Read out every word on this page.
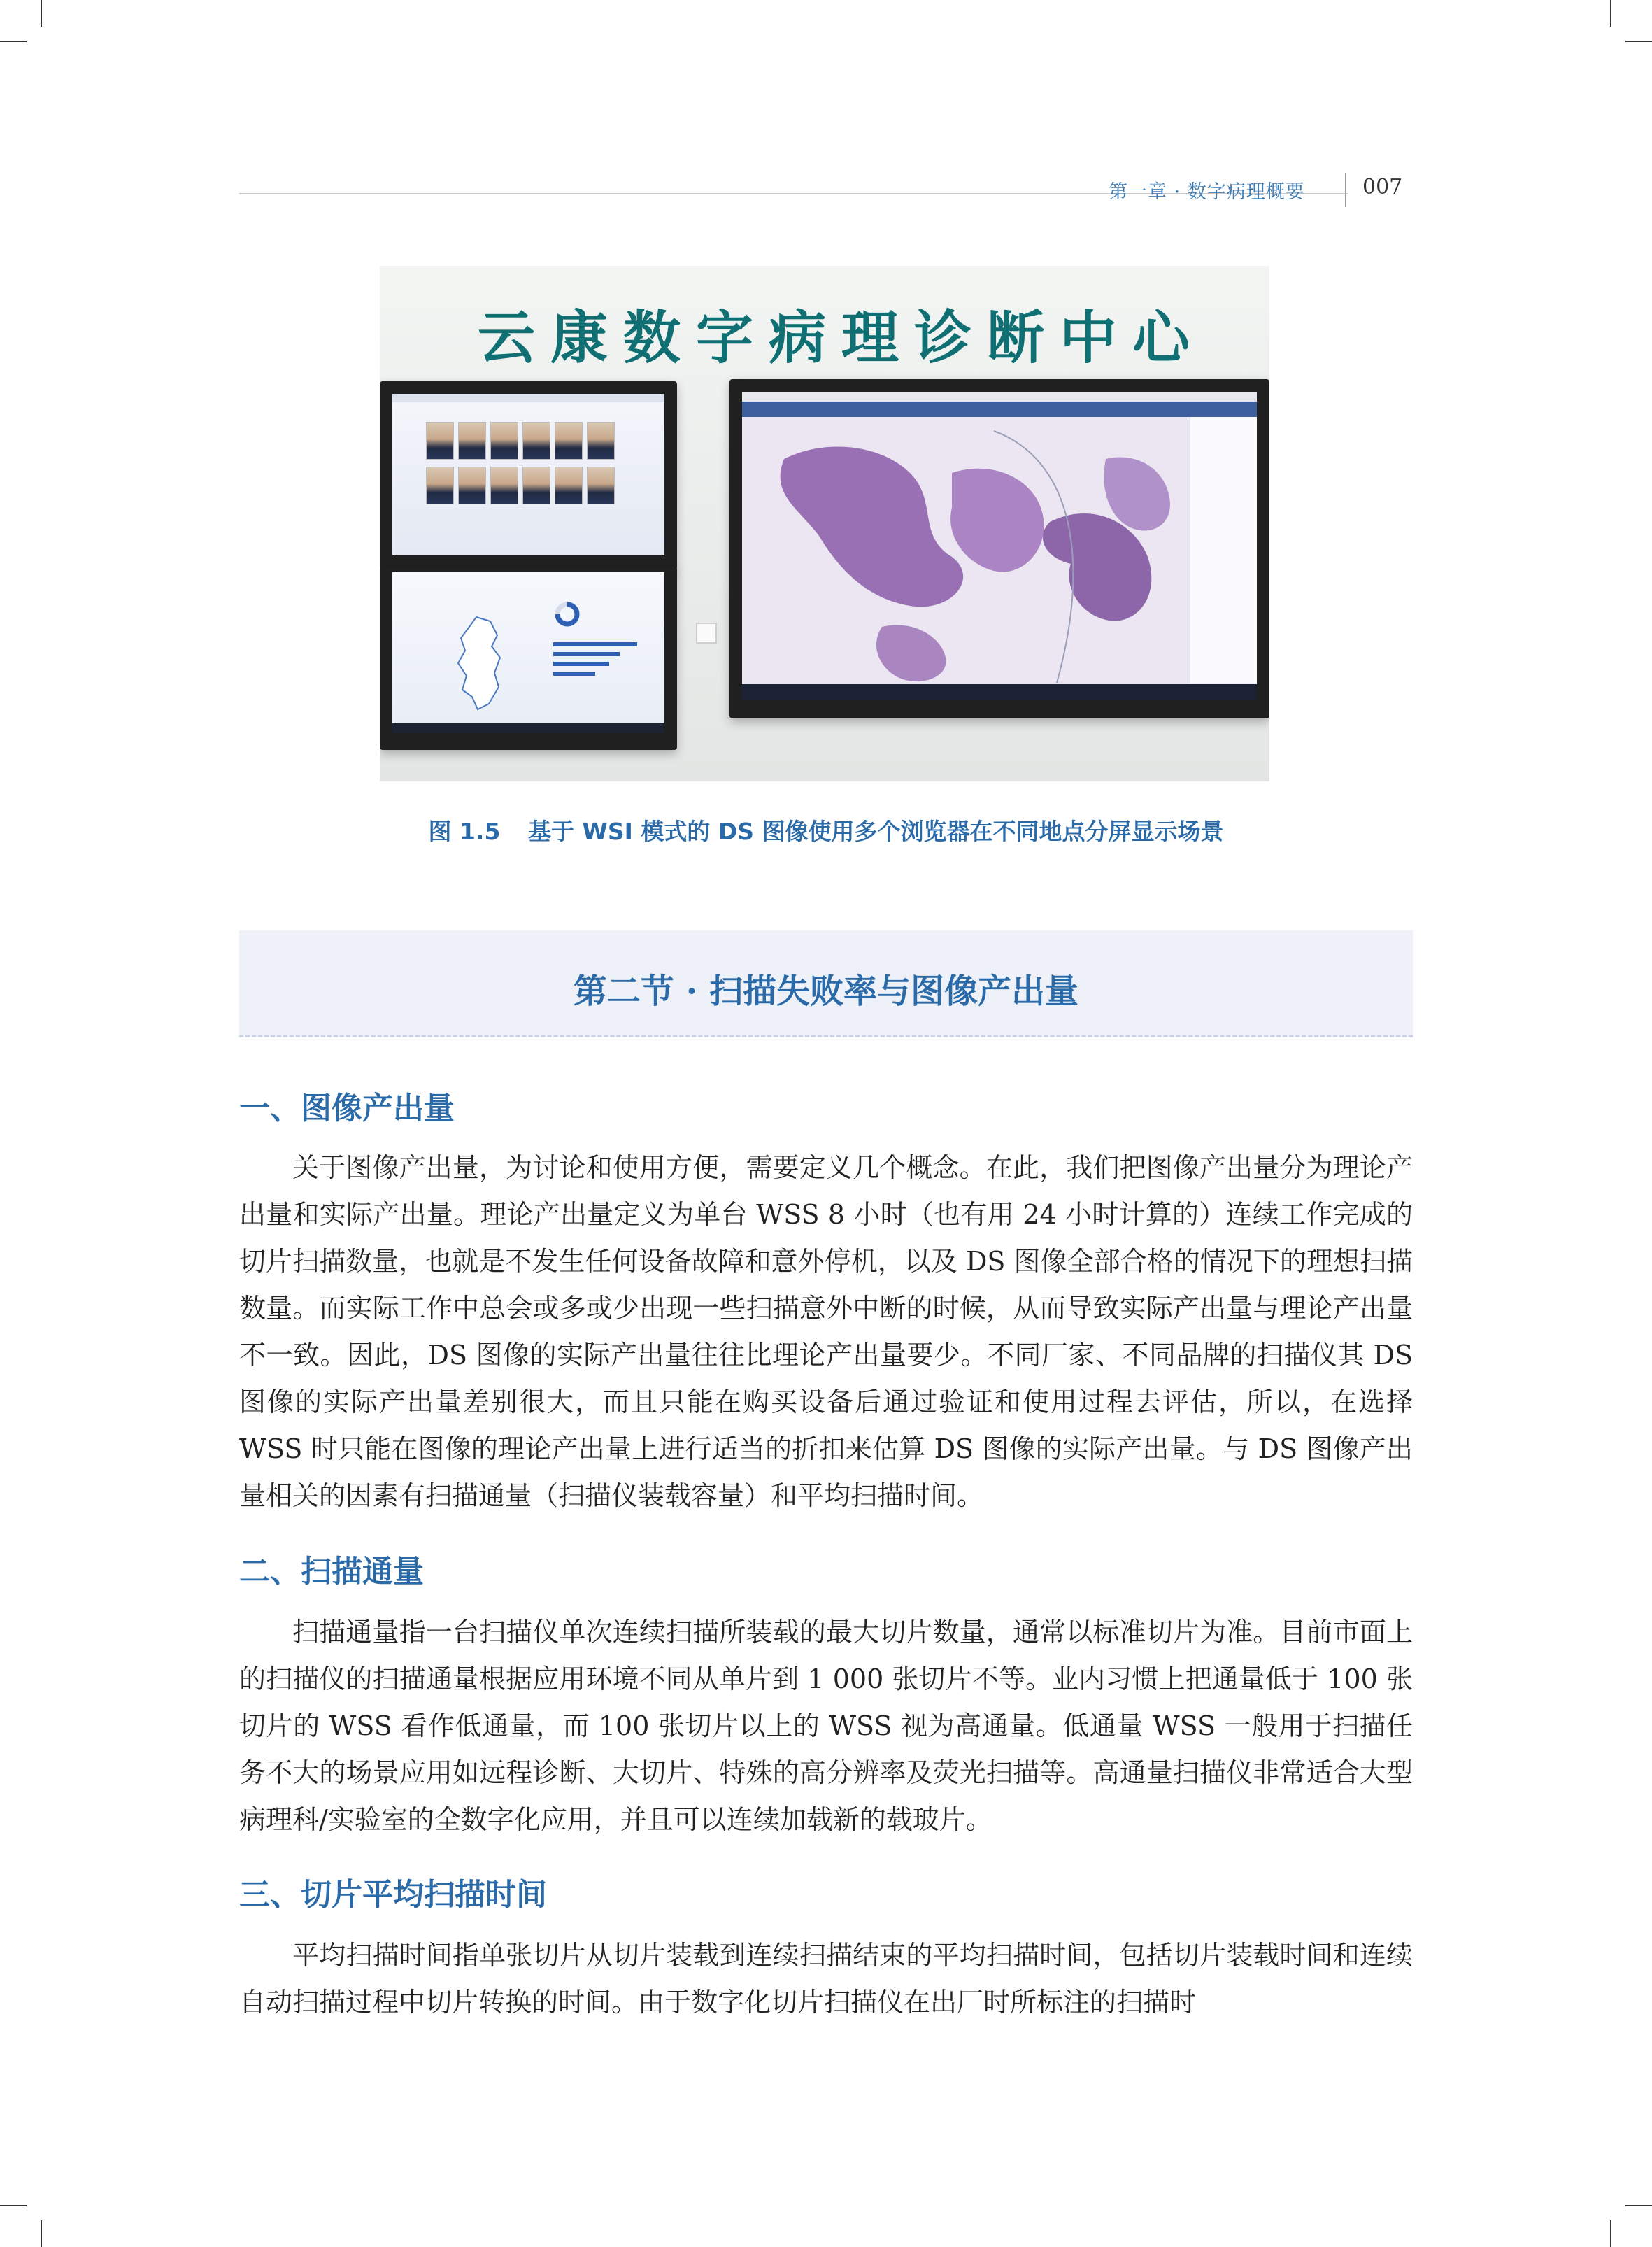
第一章 · 数字病理概要	007
云康数字病理诊断中心
图 1.5 基于 WSI 模式的 DS 图像使用多个浏览器在不同地点分屏显示场景
第二节 · 扫描失败率与图像产出量
一、图像产出量

关于图像产出量，为讨论和使用方便，需要定义几个概念。在此，我们把图像产出量分为理论产出量和实际产出量。理论产出量定义为单台 WSS 8 小时（也有用 24 小时计算的）连续工作完成的切片扫描数量，也就是不发生任何设备故障和意外停机，以及 DS 图像全部合格的情况下的理想扫描数量。而实际工作中总会或多或少出现一些扫描意外中断的时候，从而导致实际产出量与理论产出量不一致。因此，DS 图像的实际产出量往往比理论产出量要少。不同厂家、不同品牌的扫描仪其 DS 图像的实际产出量差别很大，而且只能在购买设备后通过验证和使用过程去评估，所以，在选择 WSS 时只能在图像的理论产出量上进行适当的折扣来估算 DS 图像的实际产出量。与 DS 图像产出量相关的因素有扫描通量（扫描仪装载容量）和平均扫描时间。

二、扫描通量

扫描通量指一台扫描仪单次连续扫描所装载的最大切片数量，通常以标准切片为准。目前市面上的扫描仪的扫描通量根据应用环境不同从单片到 1 000 张切片不等。业内习惯上把通量低于 100 张切片的 WSS 看作低通量，而 100 张切片以上的 WSS 视为高通量。低通量 WSS 一般用于扫描任务不大的场景应用如远程诊断、大切片、特殊的高分辨率及荧光扫描等。高通量扫描仪非常适合大型病理科/实验室的全数字化应用，并且可以连续加载新的载玻片。

三、切片平均扫描时间

平均扫描时间指单张切片从切片装载到连续扫描结束的平均扫描时间，包括切片装载时间和连续自动扫描过程中切片转换的时间。由于数字化切片扫描仪在出厂时所标注的扫描时
